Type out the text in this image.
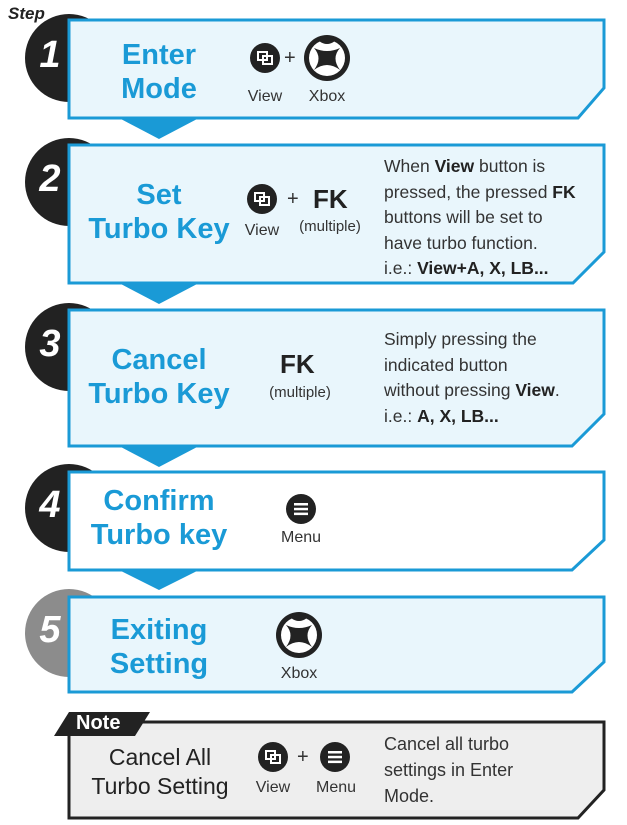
Step
1
2
3
4
5
Enter
Mode
+
View	Xbox
Set
Turbo Key
+
View
FK
(multiple)
When View button is
pressed, the pressed FK
buttons will be set to
have turbo function.
i.e.: View+A, X, LB...
Cancel
Turbo Key
FK
(multiple)
Simply pressing the
indicated button
without pressing View.
i.e.: A, X, LB...
Confirm
Turbo key	Menu
Exiting
Setting	Xbox
Note
Cancel All
Turbo Setting
+
View	Menu
Cancel all turbo
settings in Enter
Mode.
